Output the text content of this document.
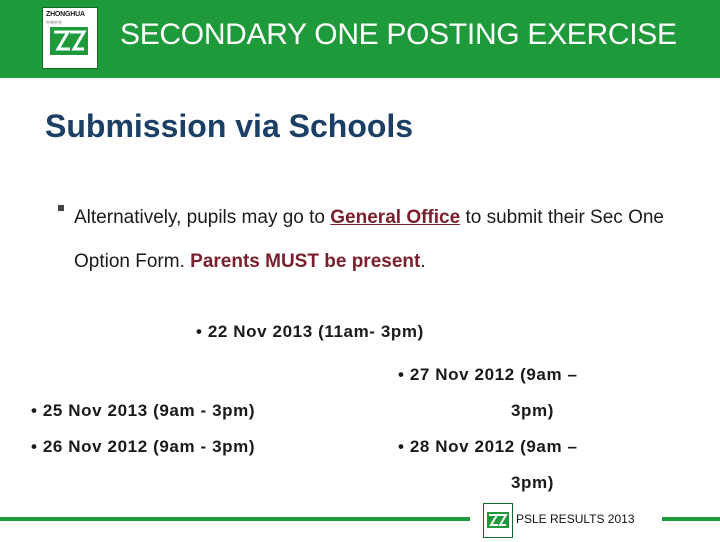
ZHONGHUA
中华中学 SECONDARY ONE POSTING EXERCISE
Submission via Schools
Alternatively, pupils may go to General Office to submit their Sec One Option Form. Parents MUST be present.
• 22 Nov 2013 (11am- 3pm)
• 27 Nov 2012 (9am –
3pm)
• 25 Nov 2013 (9am - 3pm)
• 26 Nov 2012 (9am - 3pm)	• 28 Nov 2012 (9am –
3pm)
PSLE RESULTS 2013
